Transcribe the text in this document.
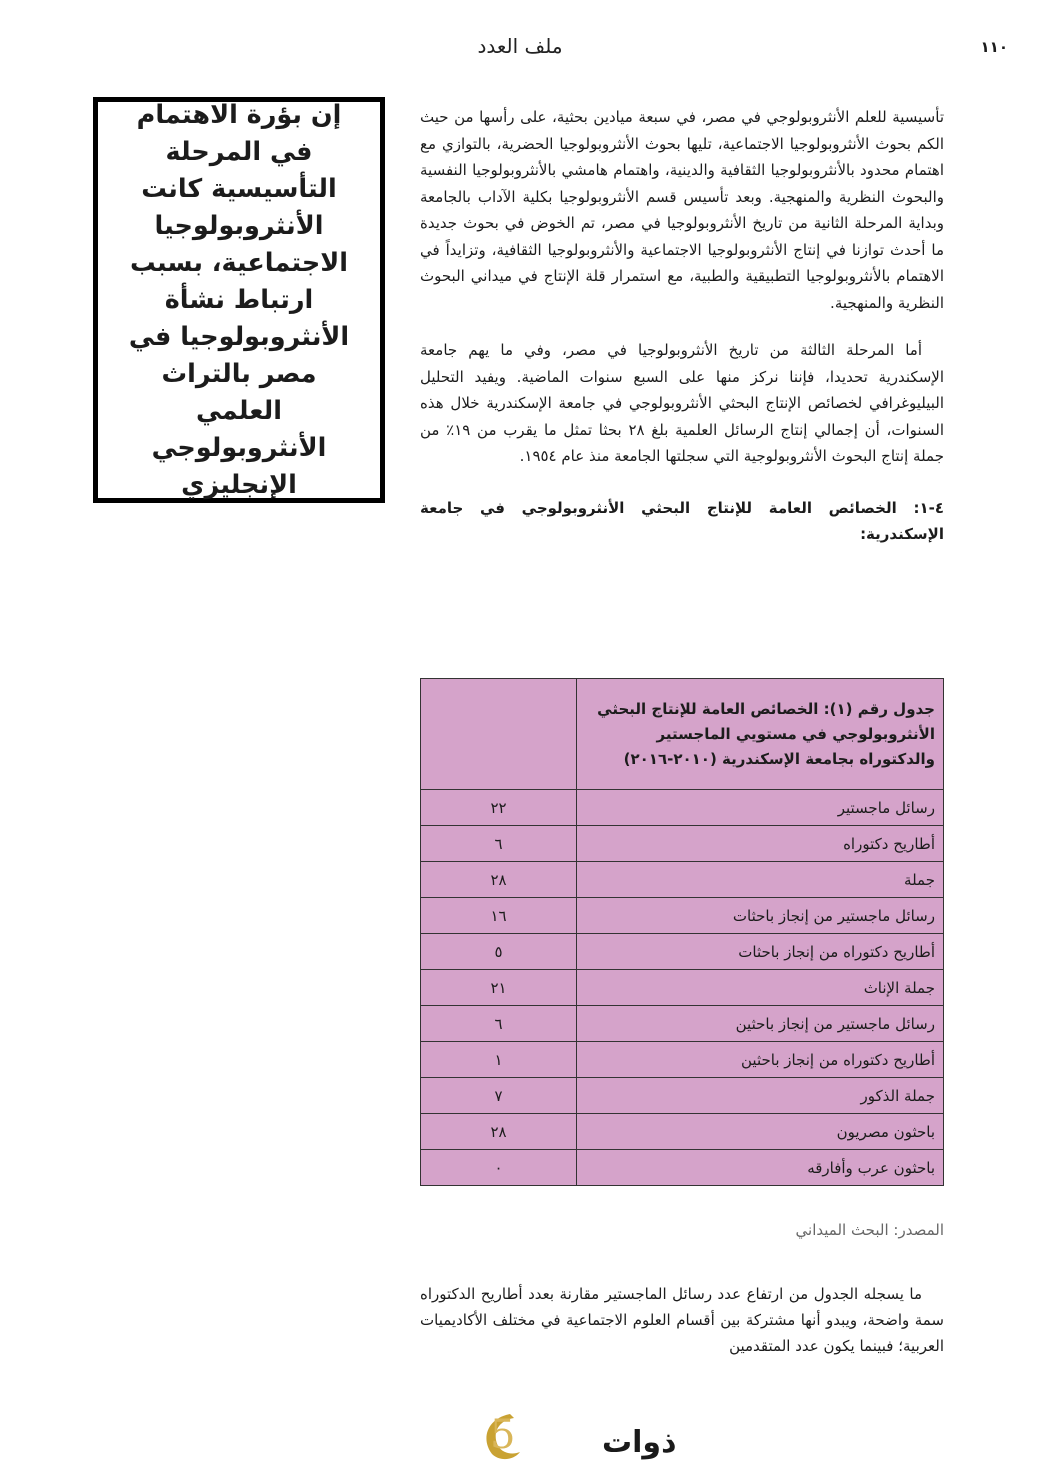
ملف العدد	١١٠
إن بؤرة الاهتمام في المرحلة التأسيسية كانت الأنثروبولوجيا الاجتماعية، بسبب ارتباط نشأة الأنثروبولوجيا في مصر بالتراث العلمي الأنثروبولوجي الإنجليزي

تأسيسية للعلم الأنثروبولوجي في مصر، في سبعة ميادين بحثية، على رأسها من حيث الكم بحوث الأنثروبولوجيا الاجتماعية، تليها بحوث الأنثروبولوجيا الحضرية، بالتوازي مع اهتمام محدود بالأنثروبولوجيا الثقافية والدينية، واهتمام هامشي بالأنثروبولوجيا النفسية والبحوث النظرية والمنهجية. وبعد تأسيس قسم الأنثروبولوجيا بكلية الآداب بالجامعة وبداية المرحلة الثانية من تاريخ الأنثروبولوجيا في مصر، تم الخوض في بحوث جديدة ما أحدث توازنا في إنتاج الأنثروبولوجيا الاجتماعية والأنثروبولوجيا الثقافية، وتزايداً في الاهتمام بالأنثروبولوجيا التطبيقية والطبية، مع استمرار قلة الإنتاج في ميداني البحوث النظرية والمنهجية.

أما المرحلة الثالثة من تاريخ الأنثروبولوجيا في مصر، وفي ما يهم جامعة الإسكندرية تحديدا، فإننا نركز منها على السبع سنوات الماضية. ويفيد التحليل البيليوغرافي لخصائص الإنتاج البحثي الأنثروبولوجي في جامعة الإسكندرية خلال هذه السنوات، أن إجمالي إنتاج الرسائل العلمية بلغ ٢٨ بحثا تمثل ما يقرب من ١٩٪ من جملة إنتاج البحوث الأنثروبولوجية التي سجلتها الجامعة منذ عام ١٩٥٤.

٤-١: الخصائص العامة للإنتاج البحثي الأنثروبولوجي في جامعة الإسكندرية:

جدول رقم (١): الخصائص العامة للإنتاج البحثي الأنثروبولوجي في مستويي الماجستير والدكتوراه بجامعة الإسكندرية (٢٠١٠-٢٠١٦)	
رسائل ماجستير	٢٢
أطاريح دكتوراه	٦
جملة	٢٨
رسائل ماجستير من إنجاز باحثات	١٦
أطاريح دكتوراه من إنجاز باحثات	٥
جملة الإناث	٢١
رسائل ماجستير من إنجاز باحثين	٦
أطاريح دكتوراه من إنجاز باحثين	١
جملة الذكور	٧
باحثون مصريون	٢٨
باحثون عرب وأفارقه	٠
المصدر: البحث الميداني

ما يسجله الجدول من ارتفاع عدد رسائل الماجستير مقارنة بعدد أطاريح الدكتوراه سمة واضحة، ويبدو أنها مشتركة بين أقسام العلوم الاجتماعية في مختلف الأكاديميات العربية؛ فبينما يكون عدد المتقدمين

5	ذوات
